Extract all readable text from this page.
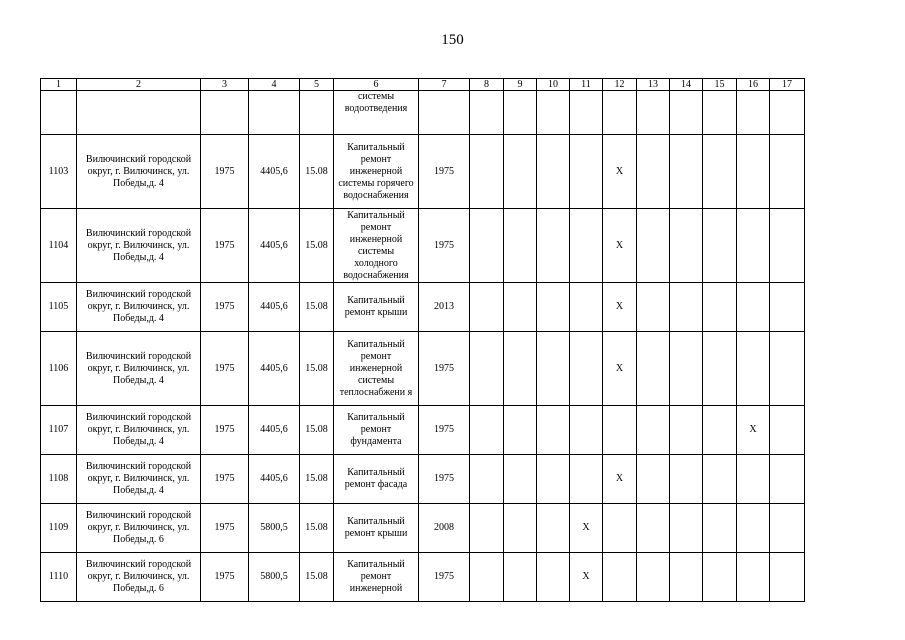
150
1	2	3	4	5	6	7	8	9	10	11	12	13	14	15	16	17
					системы водоотведения											
1103	Вилючинский городской округ, г. Вилючинск, ул. Победы,д. 4	1975	4405,6	15.08	Капитальный ремонт инженерной системы горячего водоснабжения	1975					X					
1104	Вилючинский городской округ, г. Вилючинск, ул. Победы,д. 4	1975	4405,6	15.08	Капитальный ремонт инженерной системы холодного водоснабжения	1975					X					
1105	Вилючинский городской округ, г. Вилючинск, ул. Победы,д. 4	1975	4405,6	15.08	Капитальный ремонт крыши	2013					X					
1106	Вилючинский городской округ, г. Вилючинск, ул. Победы,д. 4	1975	4405,6	15.08	Капитальный ремонт инженерной системы теплоснабжени я	1975					X					
1107	Вилючинский городской округ, г. Вилючинск, ул. Победы,д. 4	1975	4405,6	15.08	Капитальный ремонт фундамента	1975									X	
1108	Вилючинский городской округ, г. Вилючинск, ул. Победы,д. 4	1975	4405,6	15.08	Капитальный ремонт фасада	1975					X					
1109	Вилючинский городской округ, г. Вилючинск, ул. Победы,д. 6	1975	5800,5	15.08	Капитальный ремонт крыши	2008				X						
1110	Вилючинский городской округ, г. Вилючинск, ул. Победы,д. 6	1975	5800,5	15.08	Капитальный ремонт инженерной	1975				X						
